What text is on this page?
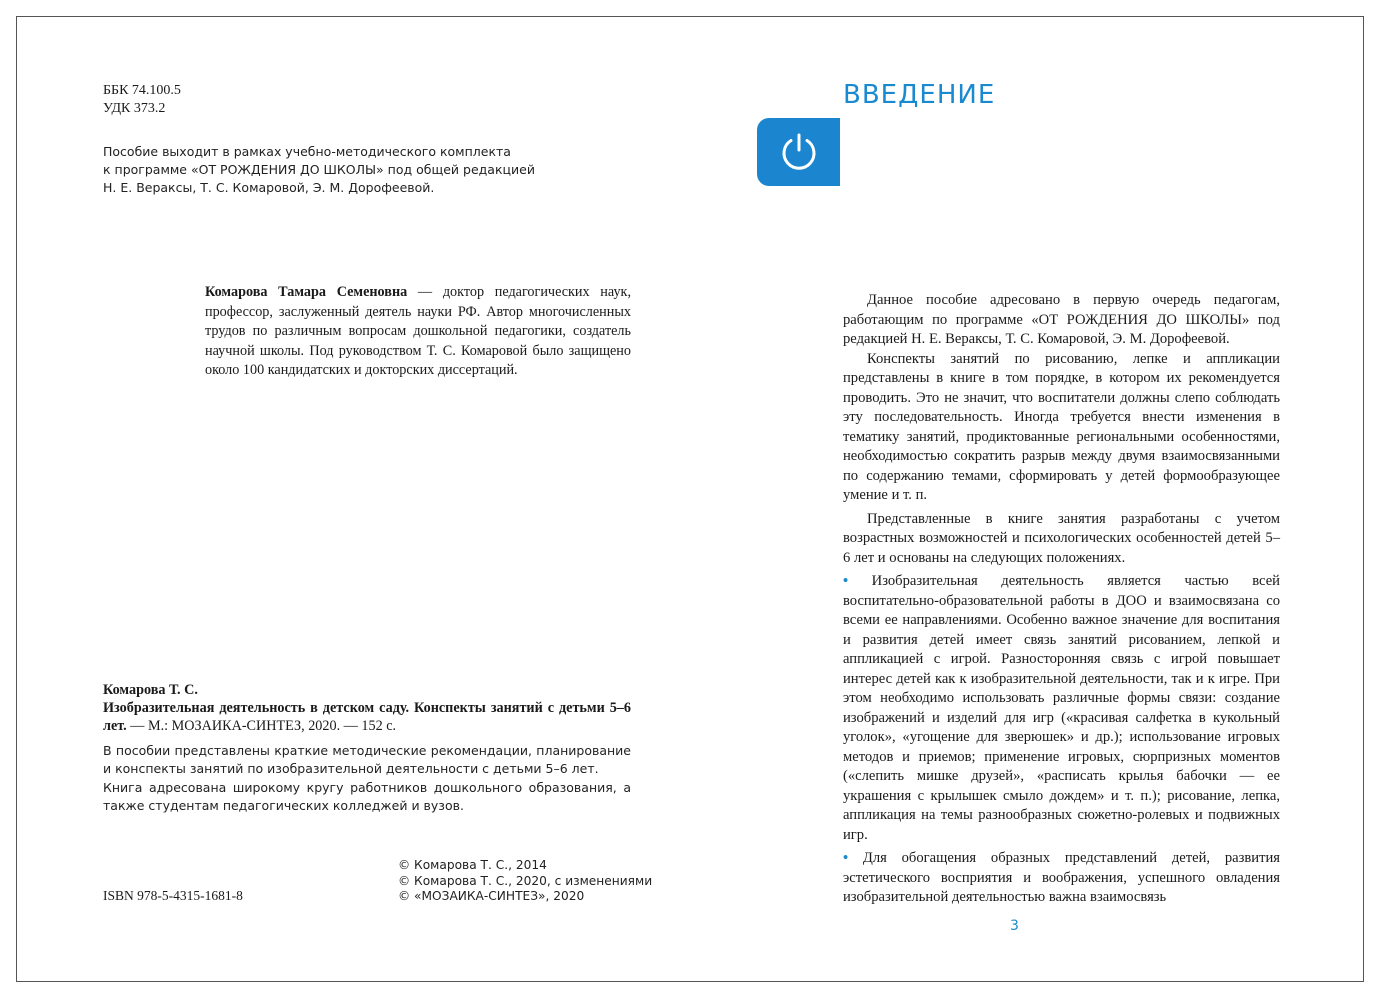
ББК 74.100.5
УДК 373.2
Пособие выходит в рамках учебно-методического комплекта
к программе «ОТ РОЖДЕНИЯ ДО ШКОЛЫ» под общей редакцией
Н. Е. Вераксы, Т. С. Комаровой, Э. М. Дорофеевой.
Комарова Тамара Семеновна — доктор педагогических наук, профессор, заслуженный деятель науки РФ. Автор многочисленных трудов по различным вопросам дошкольной педагогики, создатель научной школы. Под руководством Т. С. Комаровой было защищено около 100 кандидатских и докторских диссертаций.
Комарова Т. С.
Изобразительная деятельность в детском саду. Конспекты занятий с детьми 5–6 лет. — М.: МОЗАИКА-СИНТЕЗ, 2020. — 152 с.

В пособии представлены краткие методические рекомендации, планирование и конспекты занятий по изобразительной деятельности с детьми 5–6 лет.

Книга адресована широкому кругу работников дошкольного образования, а также студентам педагогических колледжей и вузов.

© Комарова Т. С., 2014
© Комарова Т. С., 2020, с изменениями
© «МОЗАИКА-СИНТЕЗ», 2020
ISBN 978-5-4315-1681-8
ВВЕДЕНИЕ

Данное пособие адресовано в первую очередь педагогам, работающим по программе «ОТ РОЖДЕНИЯ ДО ШКОЛЫ» под редакцией Н. Е. Вераксы, Т. С. Комаровой, Э. М. Дорофеевой.

Конспекты занятий по рисованию, лепке и аппликации представлены в книге в том порядке, в котором их рекомендуется проводить. Это не значит, что воспитатели должны слепо соблюдать эту последовательность. Иногда требуется внести изменения в тематику занятий, продиктованные региональными особенностями, необходимостью сократить разрыв между двумя взаимосвязанными по содержанию темами, сформировать у детей формообразующее умение и т. п.

Представленные в книге занятия разработаны с учетом возрастных возможностей и психологических особенностей детей 5–6 лет и основаны на следующих положениях.

• Изобразительная деятельность является частью всей воспитательно-образовательной работы в ДОО и взаимосвязана со всеми ее направлениями. Особенно важное значение для воспитания и развития детей имеет связь занятий рисованием, лепкой и аппликацией с игрой. Разносторонняя связь с игрой повышает интерес детей как к изобразительной деятельности, так и к игре. При этом необходимо использовать различные формы связи: создание изображений и изделий для игр («красивая салфетка в кукольный уголок», «угощение для зверюшек» и др.); использование игровых методов и приемов; применение игровых, сюрпризных моментов («слепить мишке друзей», «расписать крылья бабочки — ее украшения с крылышек смыло дождем» и т. п.); рисование, лепка, аппликация на темы разнообразных сюжетно-ролевых и подвижных игр.

• Для обогащения образных представлений детей, развития эстетического восприятия и воображения, успешного овладения изобразительной деятельностью важна взаимосвязь

3
